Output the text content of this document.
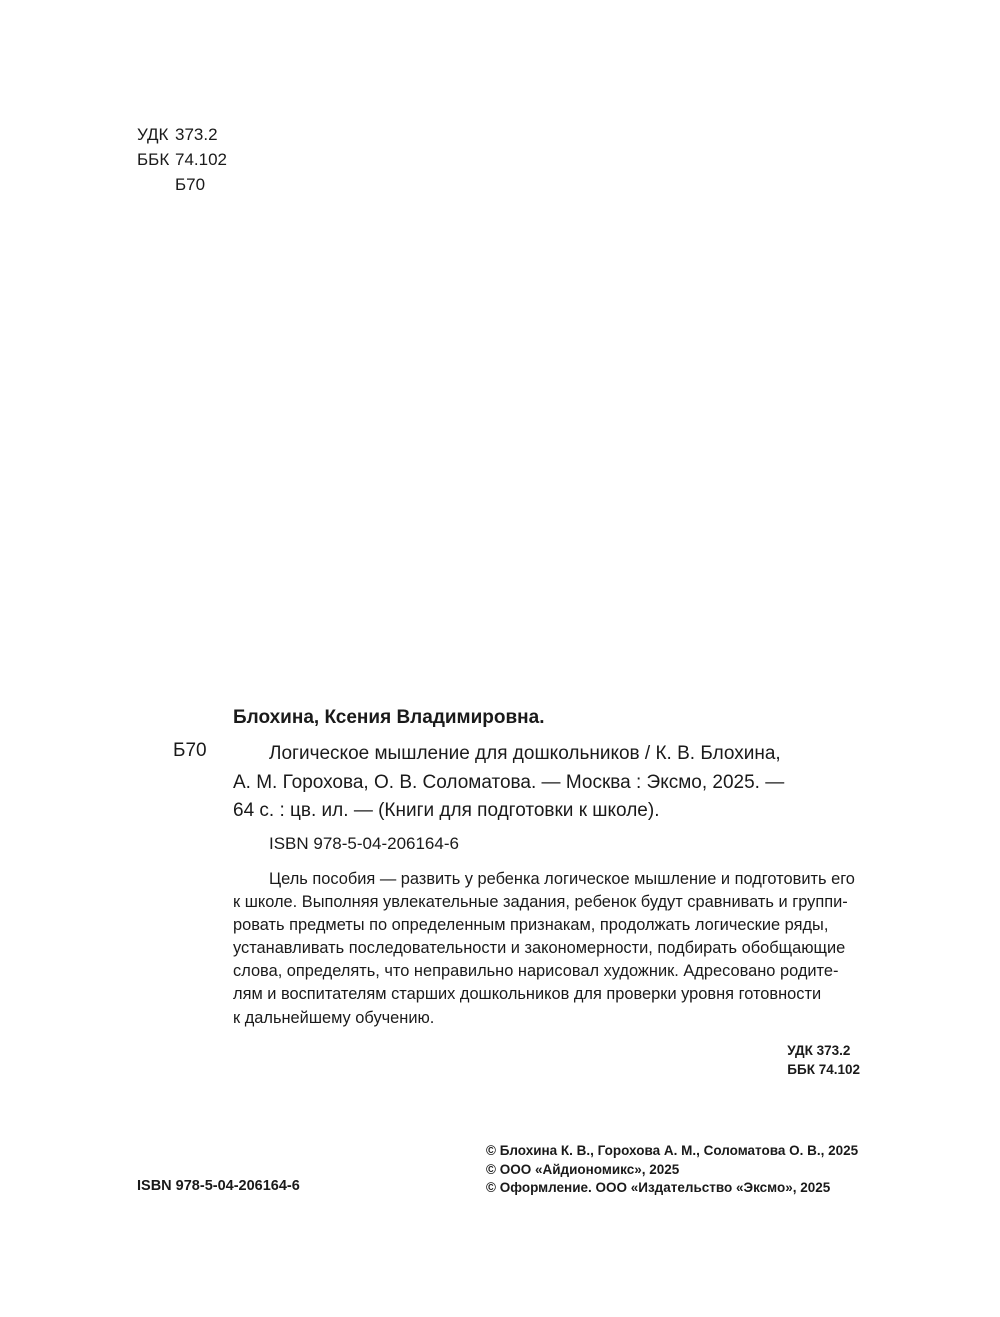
УДК 373.2
ББК 74.102
Б70
Блохина, Ксения Владимировна.
Б70	Логическое мышление для дошкольников / К. В. Блохина,

А. М. Горохова, О. В. Соломатова. — Москва : Эксмо, 2025. —

64 с. : цв. ил. — (Книги для подготовки к школе).

ISBN 978-5-04-206164-6

Цель пособия — развить у ребенка логическое мышление и подготовить его

к школе. Выполняя увлекательные задания, ребенок будут сравнивать и группи-

ровать предметы по определенным признакам, продолжать логические ряды,

устанавливать последовательности и закономерности, подбирать обобщающие

слова, определять, что неправильно нарисовал художник. Адресовано родите-

лям и воспитателям старших дошкольников для проверки уровня готовности

к дальнейшему обучению.

УДК 373.2
ББК 74.102
ISBN 978-5-04-206164-6

© Блохина К. В., Горохова А. М., Соломатова О. В., 2025

© ООО «Айдиономикс», 2025

© Оформление. ООО «Издательство «Эксмо», 2025
